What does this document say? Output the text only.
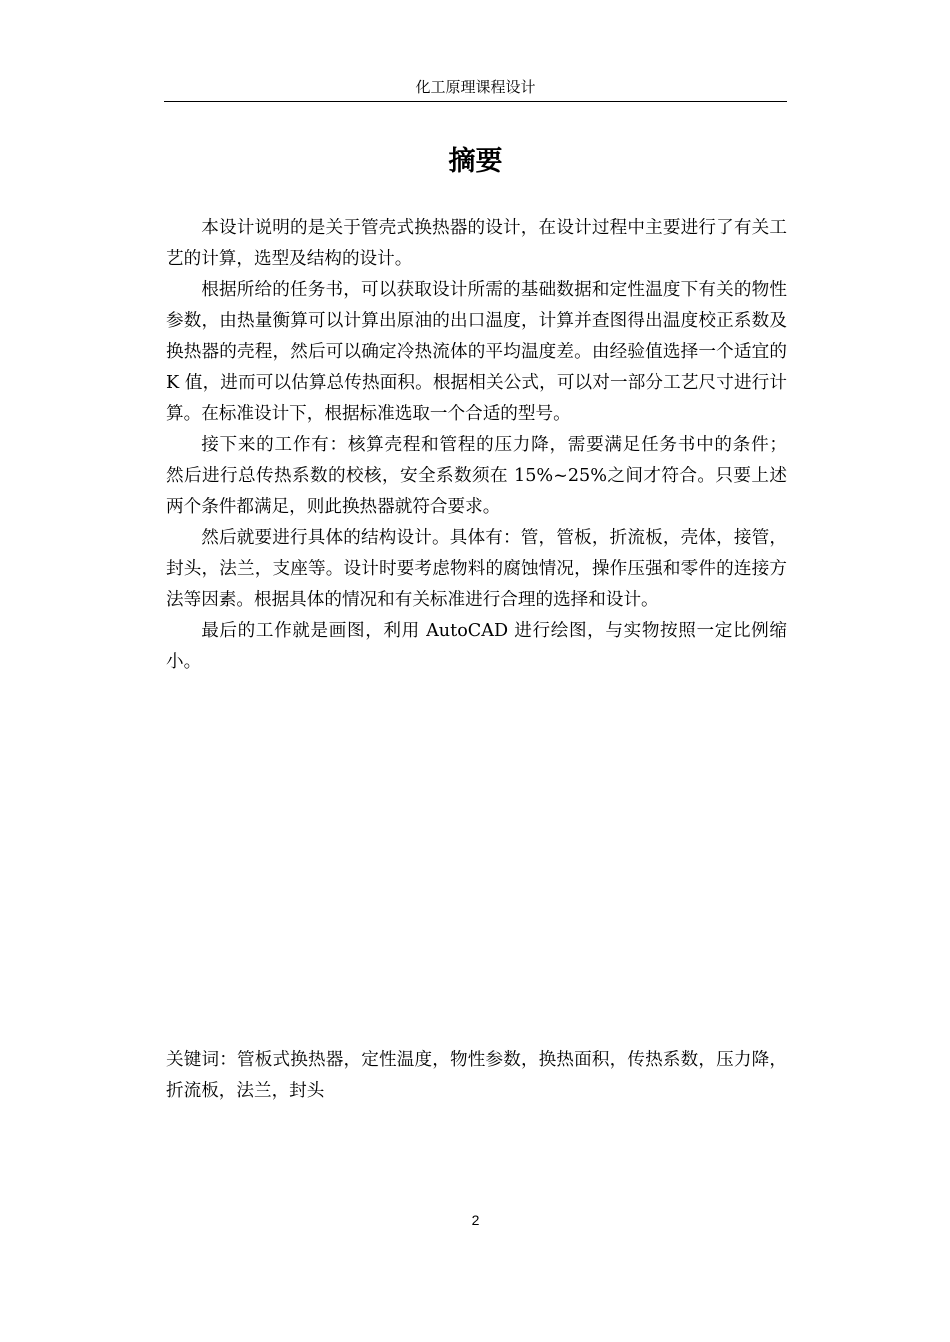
化工原理课程设计
摘要

本设计说明的是关于管壳式换热器的设计，在设计过程中主要进行了有关工艺的计算，选型及结构的设计。

根据所给的任务书，可以获取设计所需的基础数据和定性温度下有关的物性参数，由热量衡算可以计算出原油的出口温度，计算并查图得出温度校正系数及换热器的壳程，然后可以确定冷热流体的平均温度差。由经验值选择一个适宜的 K 值，进而可以估算总传热面积。根据相关公式，可以对一部分工艺尺寸进行计算。在标准设计下，根据标准选取一个合适的型号。

接下来的工作有：核算壳程和管程的压力降，需要满足任务书中的条件； 然后进行总传热系数的校核，安全系数须在 15%~25%之间才符合。只要上述两个条件都满足，则此换热器就符合要求。

然后就要进行具体的结构设计。具体有：管，管板，折流板，壳体，接管，封头，法兰，支座等。设计时要考虑物料的腐蚀情况，操作压强和零件的连接方法等因素。根据具体的情况和有关标准进行合理的选择和设计。

最后的工作就是画图，利用 AutoCAD 进行绘图，与实物按照一定比例缩小。

关键词：管板式换热器，定性温度，物性参数，换热面积，传热系数，压力降，折流板，法兰，封头

2
